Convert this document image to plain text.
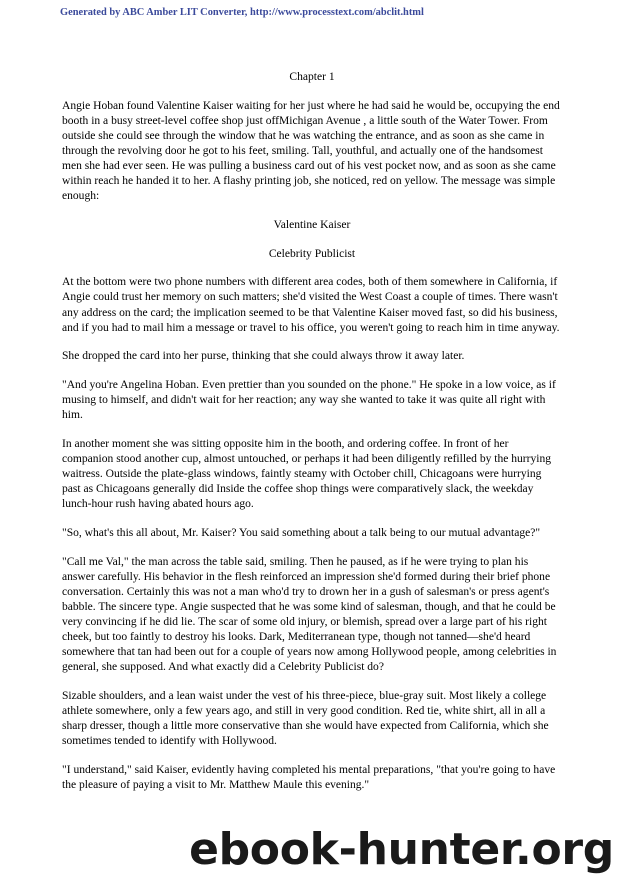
Generated by ABC Amber LIT Converter, http://www.processtext.com/abclit.html

Chapter 1

Angie Hoban found Valentine Kaiser waiting for her just where he had said he would be, occupying the end booth in a busy street-level coffee shop just offMichigan Avenue , a little south of the Water Tower. From outside she could see through the window that he was watching the entrance, and as soon as she came in through the revolving door he got to his feet, smiling. Tall, youthful, and actually one of the handsomest men she had ever seen. He was pulling a business card out of his vest pocket now, and as soon as she came within reach he handed it to her. A flashy printing job, she noticed, red on yellow. The message was simple enough:

Valentine Kaiser

Celebrity Publicist

At the bottom were two phone numbers with different area codes, both of them somewhere in California, if Angie could trust her memory on such matters; she'd visited the West Coast a couple of times. There wasn't any address on the card; the implication seemed to be that Valentine Kaiser moved fast, so did his business, and if you had to mail him a message or travel to his office, you weren't going to reach him in time anyway.

She dropped the card into her purse, thinking that she could always throw it away later.

"And you're Angelina Hoban. Even prettier than you sounded on the phone." He spoke in a low voice, as if musing to himself, and didn't wait for her reaction; any way she wanted to take it was quite all right with him.

In another moment she was sitting opposite him in the booth, and ordering coffee. In front of her companion stood another cup, almost untouched, or perhaps it had been diligently refilled by the hurrying waitress. Outside the plate-glass windows, faintly steamy with October chill, Chicagoans were hurrying past as Chicagoans generally did Inside the coffee shop things were comparatively slack, the weekday lunch-hour rush having abated hours ago.

"So, what's this all about, Mr. Kaiser? You said something about a talk being to our mutual advantage?"

"Call me Val," the man across the table said, smiling. Then he paused, as if he were trying to plan his answer carefully. His behavior in the flesh reinforced an impression she'd formed during their brief phone conversation. Certainly this was not a man who'd try to drown her in a gush of salesman's or press agent's babble. The sincere type. Angie suspected that he was some kind of salesman, though, and that he could be very convincing if he did lie. The scar of some old injury, or blemish, spread over a large part of his right cheek, but too faintly to destroy his looks. Dark, Mediterranean type, though not tanned—she'd heard somewhere that tan had been out for a couple of years now among Hollywood people, among celebrities in general, she supposed. And what exactly did a Celebrity Publicist do?

Sizable shoulders, and a lean waist under the vest of his three-piece, blue-gray suit. Most likely a college athlete somewhere, only a few years ago, and still in very good condition. Red tie, white shirt, all in all a sharp dresser, though a little more conservative than she would have expected from California, which she sometimes tended to identify with Hollywood.

"I understand," said Kaiser, evidently having completed his mental preparations, "that you're going to have the pleasure of paying a visit to Mr. Matthew Maule this evening."

ebook-hunter.org
